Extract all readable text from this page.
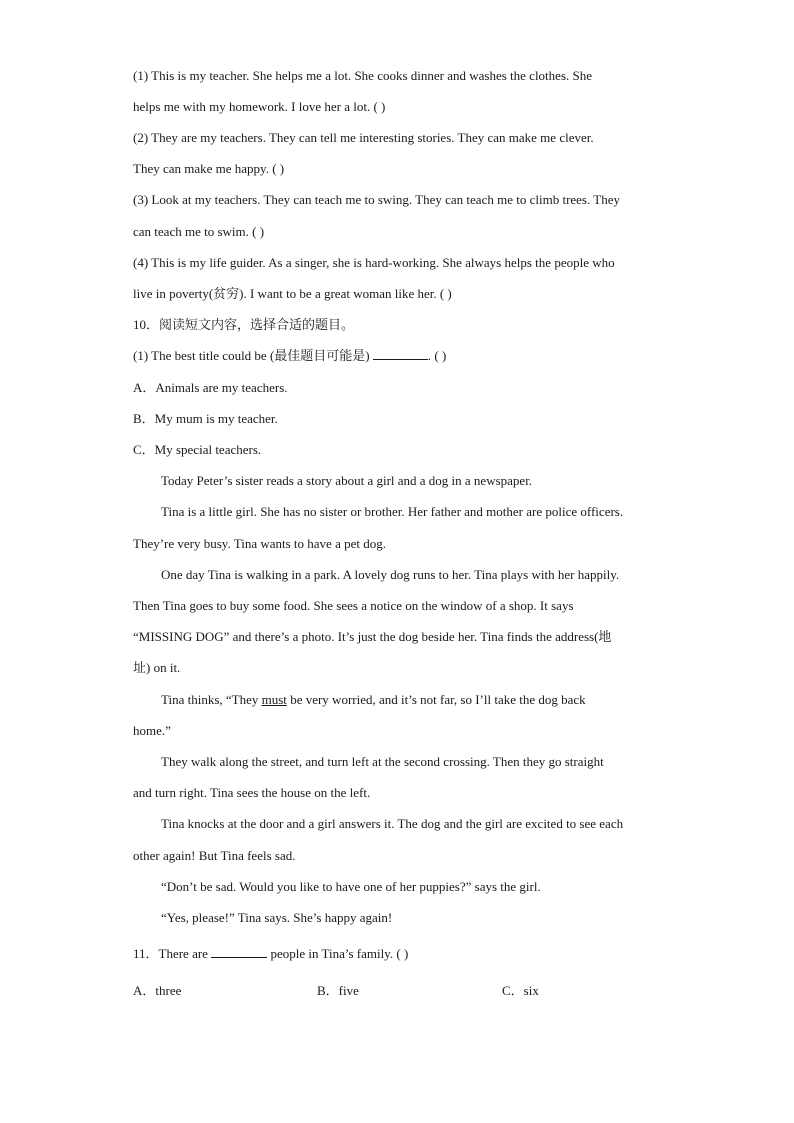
(1) This is my teacher. She helps me a lot. She cooks dinner and washes the clothes. She
helps me with my homework. I love her a lot. ( )
(2) They are my teachers. They can tell me interesting stories. They can make me clever.
They can make me happy. ( )
(3) Look at my teachers. They can teach me to swing. They can teach me to climb trees. They
can teach me to swim. ( )
(4) This is my life guider. As a singer, she is hard-working. She always helps the people who
live in poverty(贫穷). I want to be a great woman like her. ( )
10．阅读短文内容，选择合适的题目。
(1) The best title could be (最佳题目可能是)	. ( )
A．Animals are my teachers.
B．My mum is my teacher.
C．My special teachers.
Today Peter’s sister reads a story about a girl and a dog in a newspaper.
Tina is a little girl. She has no sister or brother. Her father and mother are police officers.
They’re very busy. Tina wants to have a pet dog.
One day Tina is walking in a park. A lovely dog runs to her. Tina plays with her happily.
Then Tina goes to buy some food. She sees a notice on the window of a shop. It says
“MISSING DOG” and there’s a photo. It’s just the dog beside her. Tina finds the address(地
址) on it.
Tina thinks, “They must be very worried, and it’s not far, so I’ll take the dog back
home.”
They walk along the street, and turn left at the second crossing. Then they go straight
and turn right. Tina sees the house on the left.
Tina knocks at the door and a girl answers it. The dog and the girl are excited to see each
other again! But Tina feels sad.
“Don’t be sad. Would you like to have one of her puppies?” says the girl.
“Yes, please!” Tina says. She’s happy again!
11．There are	people in Tina’s family. ( )
A．three	B．five	C．six
